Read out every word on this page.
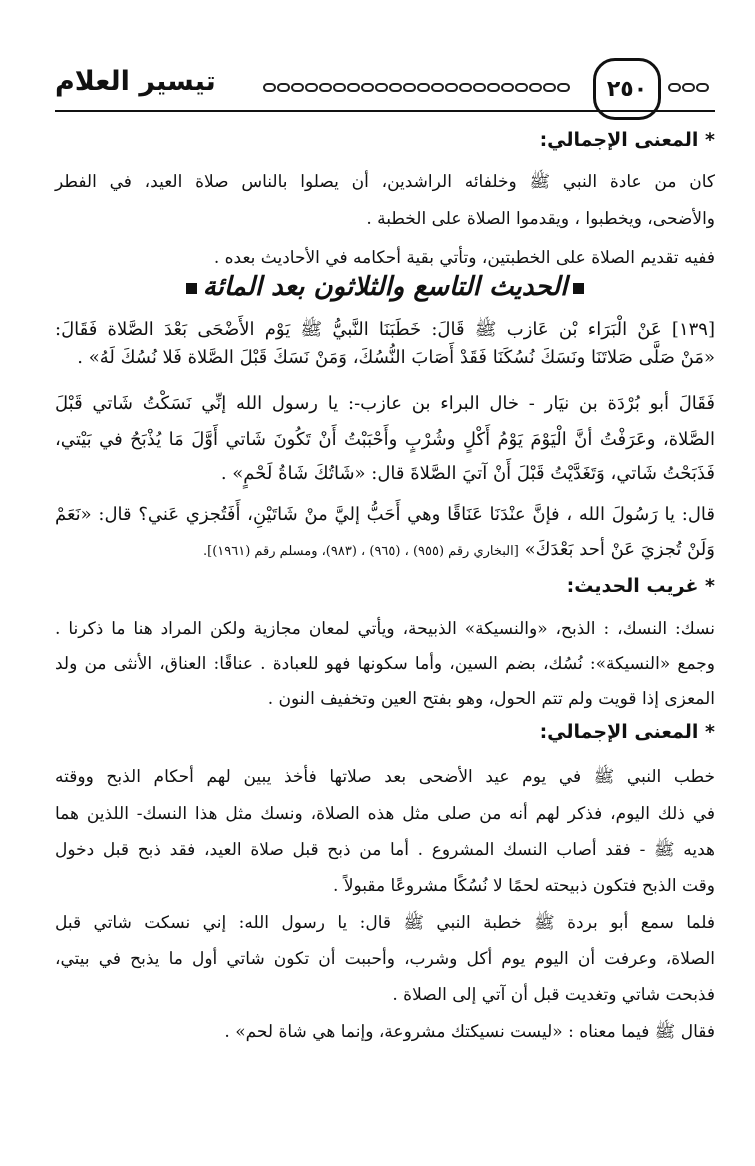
تيسير العلام	٢٥٠
* المعنى الإجمالي:
كان من عادة النبي ﷺ وخلفائه الراشدين، أن يصلوا بالناس صلاة العيد، في الفطر
والأضحى، ويخطبوا ، ويقدموا الصلاة على الخطبة .
ففيه تقديم الصلاة على الخطبتين، وتأتي بقية أحكامه في الأحاديث بعده .
الحديث التاسع والثلاثون بعد المائة
[١٣٩] عَنْ الْبَرَاء بْن عَازب ﷺ قَالَ: خَطَبَنَا النَّبيُّ ﷺ يَوْم الأَضْحَى بَعْدَ الصَّلاة فَقَالَ:
«مَنْ صَلَّى صَلاتَنَا ونَسَكَ نُسُكَنَا فَقَدْ أَصَابَ النُّسُكَ، وَمَنْ نَسَكَ قَبْلَ الصَّلاة فَلا نُسُكَ لَهُ» .
فَقَالَ أبو بُرْدَة بن نيَار - خال البراء بن عازب-: يا رسول الله إنِّي نَسَكْتُ شَاتي قَبْلَ
الصَّلاة، وعَرَفْتُ أنَّ الْيَوْمَ يَوْمُ أَكْلٍ وشُرْبٍ وأَحْبَبْتُ أَنْ تَكُونَ شَاتي أَوَّلَ مَا يُذْبَحُ في بَيْتي،
فَذَبَحْتُ شَاتي، وَتَغَدَّيْتُ قَبْلَ أَنْ آتيَ الصَّلاةَ قال: «شَاتُكَ شَاةُ لَحْمٍ» .
قال: يا رَسُولَ الله ، فإنَّ عنْدَنَا عَنَاقًا وهي أَحَبُّ إليَّ منْ شَاتَيْنِ، أَفَتُجزي عَني؟ قال: «نَعَمْ
وَلَنْ تُجزيَ عَنْ أحد بَعْدَكَ» [البخاري رقم (٩٥٥) ، (٩٦٥) ، (٩٨٣)، ومسلم رقم (١٩٦١)].
* غريب الحديث:
نسك: النسك، : الذبح، «والنسيكة» الذبيحة، ويأتي لمعان مجازية ولكن المراد هنا ما ذكرنا .
وجمع «النسيكة»: نُسُك، بضم السين، وأما سكونها فهو للعبادة . عناقًا: العناق، الأنثى من ولد
المعزى إذا قويت ولم تتم الحول، وهو بفتح العين وتخفيف النون .
* المعنى الإجمالي:
خطب النبي ﷺ في يوم عيد الأضحى بعد صلاتها فأخذ يبين لهم أحكام الذبح ووقته
في ذلك اليوم، فذكر لهم أنه من صلى مثل هذه الصلاة، ونسك مثل هذا النسك- اللذين هما
هديه ﷺ - فقد أصاب النسك المشروع . أما من ذبح قبل صلاة العيد، فقد ذبح قبل دخول
وقت الذبح فتكون ذبيحته لحمًا لا نُسُكًا مشروعًا مقبولاً .
فلما سمع أبو بردة ﷺ خطبة النبي ﷺ قال: يا رسول الله: إني نسكت شاتي قبل
الصلاة، وعرفت أن اليوم يوم أكل وشرب، وأحببت أن تكون شاتي أول ما يذبح في بيتي،
فذبحت شاتي وتغديت قبل أن آتي إلى الصلاة .
فقال ﷺ فيما معناه : «ليست نسيكتك مشروعة، وإنما هي شاة لحم» .
